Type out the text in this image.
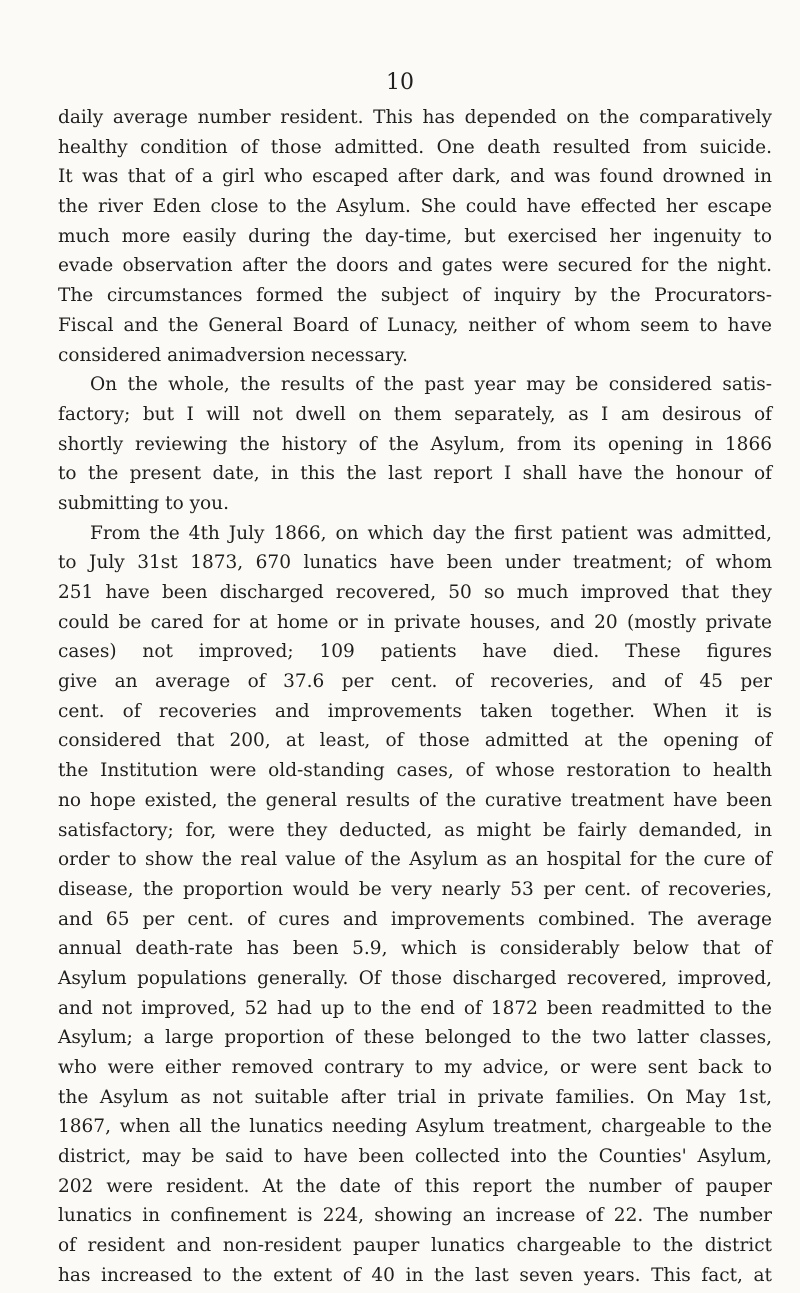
10
daily average number resident. This has depended on the comparatively
healthy condition of those admitted. One death resulted from suicide.
It was that of a girl who escaped after dark, and was found drowned in
the river Eden close to the Asylum. She could have effected her escape
much more easily during the day-time, but exercised her ingenuity to
evade observation after the doors and gates were secured for the night.
The circumstances formed the subject of inquiry by the Procurators-
Fiscal and the General Board of Lunacy, neither of whom seem to have
considered animadversion necessary.
On the whole, the results of the past year may be considered satis-
factory; but I will not dwell on them separately, as I am desirous of
shortly reviewing the history of the Asylum, from its opening in 1866
to the present date, in this the last report I shall have the honour of
submitting to you.
From the 4th July 1866, on which day the first patient was admitted,
to July 31st 1873, 670 lunatics have been under treatment; of whom
251 have been discharged recovered, 50 so much improved that they
could be cared for at home or in private houses, and 20 (mostly private
cases) not improved; 109 patients have died. These figures
give an average of 37.6 per cent. of recoveries, and of 45 per
cent. of recoveries and improvements taken together. When it is
considered that 200, at least, of those admitted at the opening of
the Institution were old-standing cases, of whose restoration to health
no hope existed, the general results of the curative treatment have been
satisfactory; for, were they deducted, as might be fairly demanded, in
order to show the real value of the Asylum as an hospital for the cure of
disease, the proportion would be very nearly 53 per cent. of recoveries,
and 65 per cent. of cures and improvements combined. The average
annual death-rate has been 5.9, which is considerably below that of
Asylum populations generally. Of those discharged recovered, improved,
and not improved, 52 had up to the end of 1872 been readmitted to the
Asylum; a large proportion of these belonged to the two latter classes,
who were either removed contrary to my advice, or were sent back to
the Asylum as not suitable after trial in private families. On May 1st,
1867, when all the lunatics needing Asylum treatment, chargeable to the
district, may be said to have been collected into the Counties' Asylum,
202 were resident. At the date of this report the number of pauper
lunatics in confinement is 224, showing an increase of 22. The number
of resident and non-resident pauper lunatics chargeable to the district
has increased to the extent of 40 in the last seven years. This fact, at
